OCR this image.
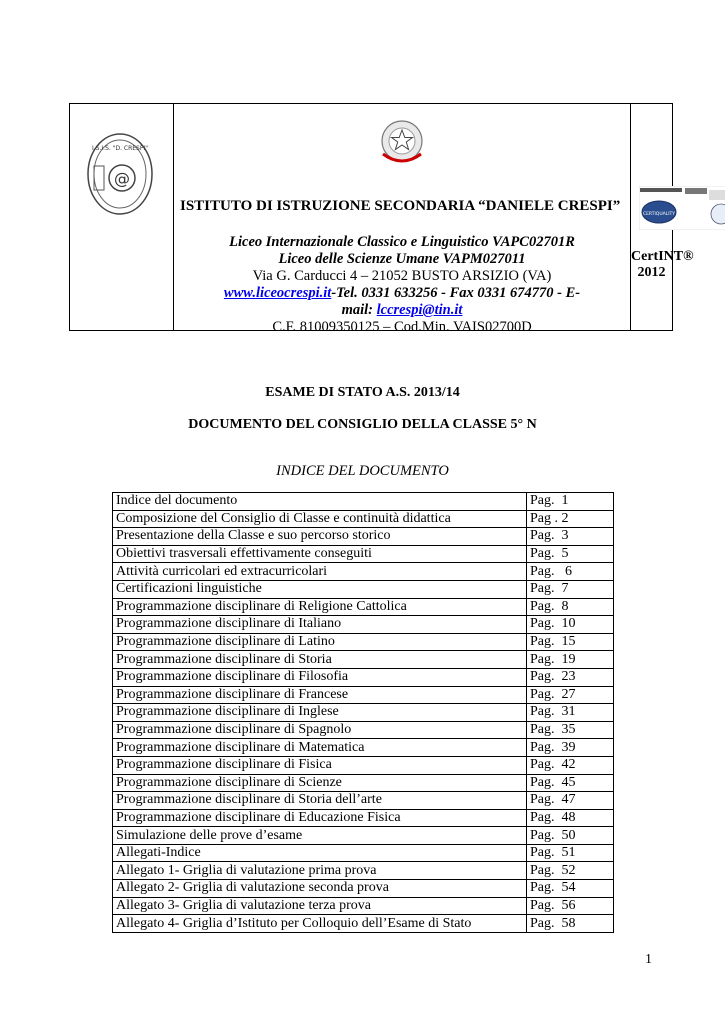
@
I.S.I.S. "D. CRESPI"
ISTITUTO DI ISTRUZIONE SECONDARIA “DANIELE CRESPI”
Liceo Internazionale Classico e Linguistico VAPC02701R
Liceo delle Scienze Umane VAPM027011
Via G. Carducci 4 – 21052 BUSTO ARSIZIO (VA)
www.liceocrespi.it-Tel. 0331 633256 - Fax 0331 674770 - E-
mail: lccrespi@tin.it
C.F. 81009350125 – Cod.Min. VAIS02700D
CERTIQUALITY
CertINT® 2012
ESAME DI STATO A.S. 2013/14
DOCUMENTO DEL CONSIGLIO DELLA CLASSE 5° N
INDICE DEL DOCUMENTO
Indice del documento	Pag.  1
Composizione del Consiglio di Classe e continuità didattica	Pag . 2
Presentazione della Classe e suo percorso storico	Pag.  3
Obiettivi trasversali effettivamente conseguiti	Pag.  5
Attività curricolari ed extracurricolari	Pag.   6
Certificazioni linguistiche	Pag.  7
Programmazione disciplinare di Religione Cattolica	Pag.  8
Programmazione disciplinare di Italiano	Pag.  10
Programmazione disciplinare di Latino	Pag.  15
Programmazione disciplinare di Storia	Pag.  19
Programmazione disciplinare di Filosofia	Pag.  23
Programmazione disciplinare di Francese	Pag.  27
Programmazione disciplinare di Inglese	Pag.  31
Programmazione disciplinare di Spagnolo	Pag.  35
Programmazione disciplinare di Matematica	Pag.  39
Programmazione disciplinare di Fisica	Pag.  42
Programmazione disciplinare di Scienze	Pag.  45
Programmazione disciplinare di Storia dell’arte	Pag.  47
Programmazione disciplinare di Educazione Fisica	Pag.  48
Simulazione delle prove d’esame	Pag.  50
Allegati-Indice	Pag.  51
Allegato 1- Griglia di valutazione prima prova	Pag.  52
Allegato 2- Griglia di valutazione seconda prova	Pag.  54
Allegato 3- Griglia di valutazione terza prova	Pag.  56
Allegato 4- Griglia d’Istituto per Colloquio dell’Esame di Stato	Pag.  58
1
